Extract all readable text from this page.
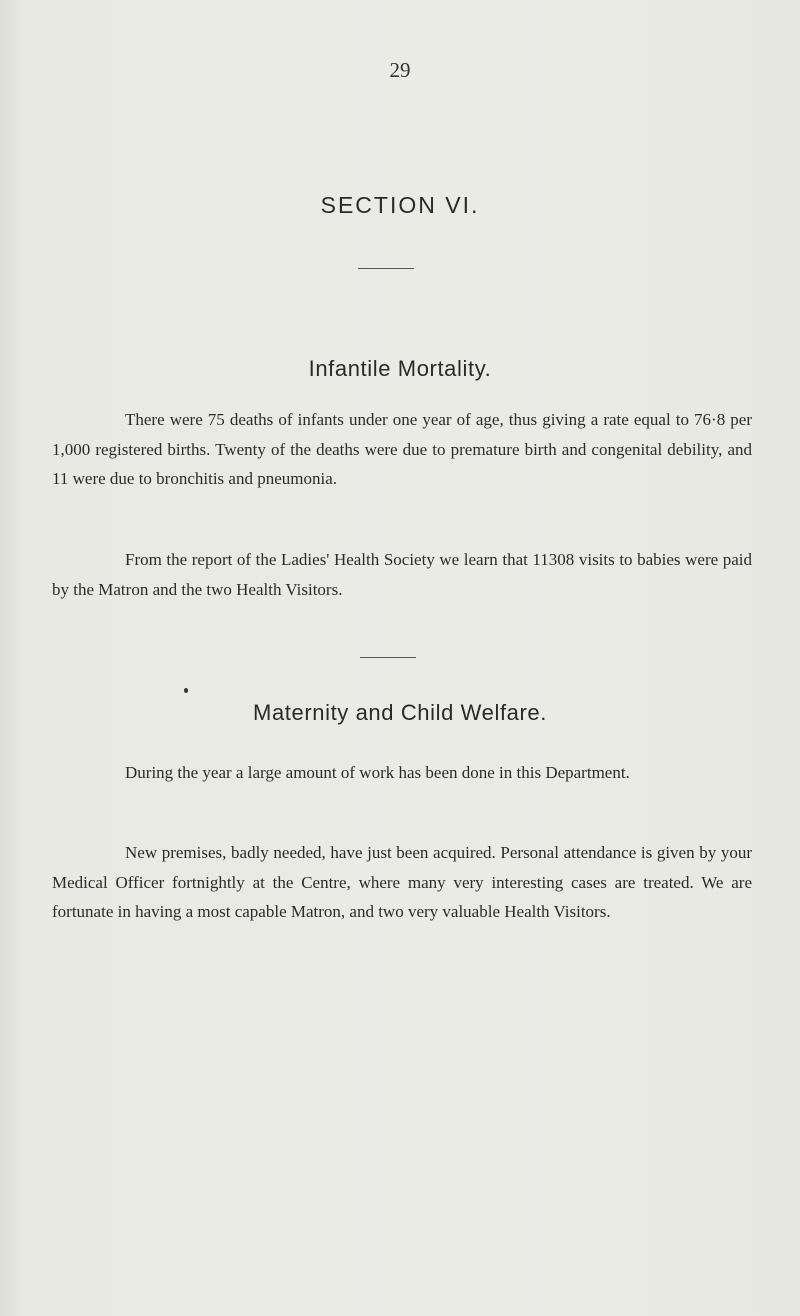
29
SECTION VI.
Infantile Mortality.

There were 75 deaths of infants under one year of age, thus giving a rate equal to 76·8 per 1,000 registered births. Twenty of the deaths were due to premature birth and congenital debility, and 11 were due to bronchitis and pneumonia.

From the report of the Ladies' Health Society we learn that 11308 visits to babies were paid by the Matron and the two Health Visitors.

Maternity and Child Welfare.

During the year a large amount of work has been done in this Department.

New premises, badly needed, have just been acquired. Personal attendance is given by your Medical Officer fortnightly at the Centre, where many very interesting cases are treated. We are fortunate in having a most capable Matron, and two very valuable Health Visitors.
